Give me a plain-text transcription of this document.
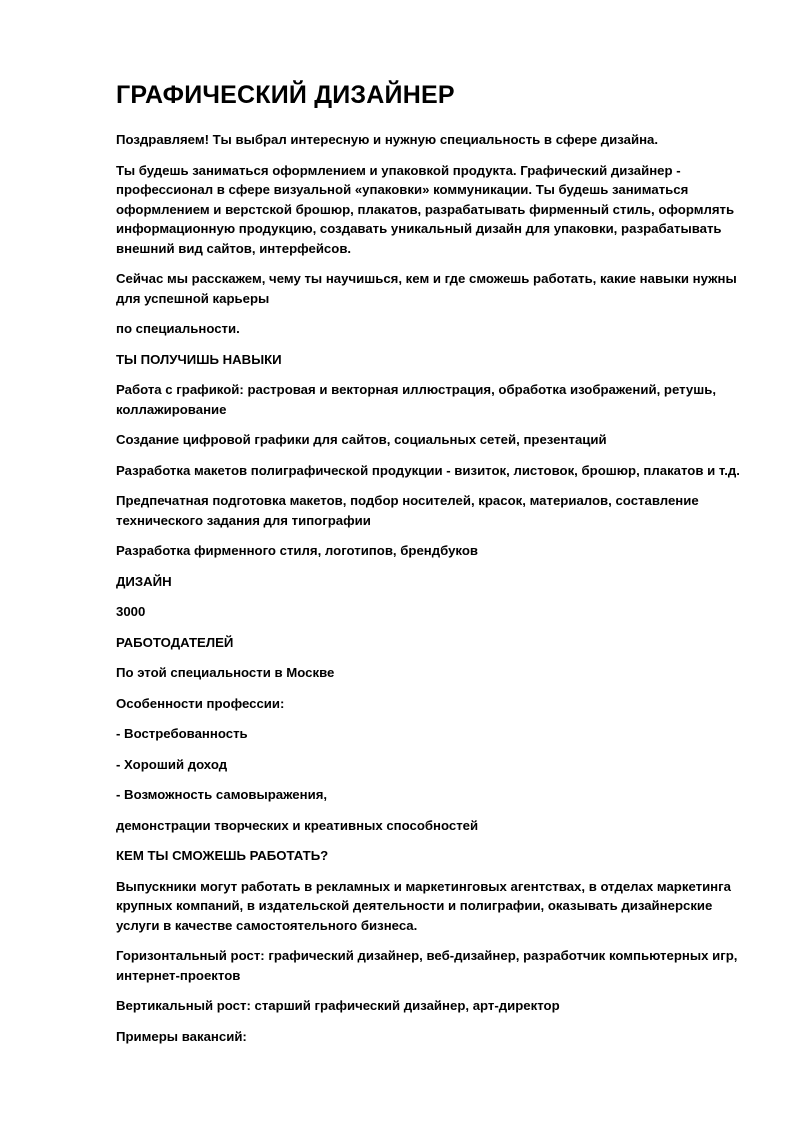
ГРАФИЧЕСКИЙ ДИЗАЙНЕР

Поздравляем! Ты выбрал интересную и нужную специальность в сфере дизайна.

Ты будешь заниматься оформлением и упаковкой продукта. Графический дизайнер - профессионал в сфере визуальной «упаковки» коммуникации. Ты будешь заниматься оформлением и верстской брошюр, плакатов, разрабатывать фирменный стиль, оформлять информационную продукцию, создавать уникальный дизайн для упаковки, разрабатывать внешний вид сайтов, интерфейсов.

Сейчас мы расскажем, чему ты научишься, кем и где сможешь работать, какие навыки нужны для успешной карьеры

по специальности.

ТЫ ПОЛУЧИШЬ НАВЫКИ

Работа с графикой: растровая и векторная иллюстрация, обработка изображений, ретушь, коллажирование

Создание цифровой графики для сайтов, социальных сетей, презентаций

Разработка макетов полиграфической продукции - визиток, листовок, брошюр, плакатов и т.д.

Предпечатная подготовка макетов, подбор носителей, красок, материалов, составление технического задания для типографии

Разработка фирменного стиля, логотипов, брендбуков

ДИЗАЙН

3000

РАБОТОДАТЕЛЕЙ

По этой специальности в Москве

Особенности профессии:

- Востребованность

- Хороший доход

- Возможность самовыражения,

демонстрации творческих и креативных способностей

КЕМ ТЫ СМОЖЕШЬ РАБОТАТЬ?

Выпускники могут работать в рекламных и маркетинговых агентствах, в отделах маркетинга крупных компаний, в издательской деятельности и полиграфии, оказывать дизайнерские услуги в качестве самостоятельного бизнеса.

Горизонтальный рост: графический дизайнер, веб-дизайнер, разработчик компьютерных игр, интернет-проектов

Вертикальный рост: старший графический дизайнер, арт-директор

Примеры вакансий:
